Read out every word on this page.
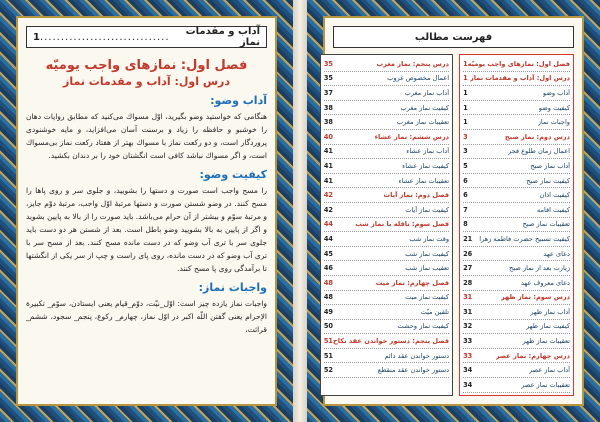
آداب و مقدمات نماز
...............................
1
فصل اول: نمازهای واجب يوميّه
درس اول: آداب و مقدمات نماز
آداب وضو:

هنگامی كه خواستيد وضو بگيريد، اوّل مسواك می‌كنيد كه مطابق روايات دهان را خوشبو و حافظه را زياد و برسنت آسان می‌افزايد، و مايه خوشنودی پروردگار است، و دو ركعت نماز با مسواك بهتر از هفتاد ركعت نماز بی‌مسواك است، و اگر مسواك نباشد كافی است انگشتان خود را بر دندان بكشيد.

كيفيت وضو:

را مسح واجب است صورت و دستها را بشوييد، و جلوی سر و روی پاها را مسح كنند. در وضو شستن صورت و دستها مرتبهٔ اوّل واجب، مرتبهٔ دوّم جايز، و مرتبهٔ سوّم و بيشتر از آن حرام می‌باشد. بايد صورت را از بالا به پايين بشويد و اگر از پايين به بالا بشوييد وضو باطل است. بعد از شستن هر دو دست بايد جلوی سر با تری آب وضو كه در دست مانده مسح كنند. بعد از مسح سر با تری آب وضو كه در دست مانده، روی پای راست و چپ از سر يكی از انگشتها تا برآمدگی روی پا مسح كنند.

واجبات نماز:

واجبات نماز يازده چيز است: اوّل_نيّت، دوّم_قيام يعنی ايستادن، سوّم_ تكبيرة الإحرام يعنی گفتن اللّه اكبر در اوّل نماز، چهارم_ ركوع، پنجم_ سجود، ششم_ قرائت،

فهرست مطالب
فصل اول: نمازهای واجب يوميّه
1
درس اول: آداب و مقدمات نماز
1
آداب وضو
1
كيفيت وضو
1
واجبات نماز
1
درس دوم: نماز صبح
3
اعمال زمان طلوع فجر
3
آداب نماز صبح
5
كيفيت نماز صبح
6
كيفيت اذان
6
كيفيت اقامه
7
تعقيبات نماز صبح
8
كيفيت تسبيح حضرت فاطمه زهرا
21
دعای عهد
26
زيارت بعد از نماز صبح
27
دعای معروف عهد
28
درس سوم: نماز ظهر
31
آداب نماز ظهر
31
كيفيت نماز ظهر
32
تعقيبات نماز ظهر
33
درس چهارم: نماز عصر
33
آداب نماز عصر
34
تعقيبات نماز عصر
34
درس پنجم: نماز مغرب
35
اعمال مخصوص غروب
35
آداب نماز مغرب
37
كيفيت نماز مغرب
38
تعقيبات نماز مغرب
38
درس ششم: نماز عشاء
40
آداب نماز عشاء
41
كيفيت نماز عشاء
41
تعقيبات نماز عشاء
41
فصل دوم: نماز آيات
42
كيفيت نماز آيات
42
فصل سوم: نافله با نماز شب
44
وقت نماز شب
44
كيفيت نماز شب
45
تعقيب نماز شب
46
فصل چهارم: نماز ميت
48
كيفيت نماز ميت
48
تلقين ميّت
49
كيفيت نماز وحشت
50
فصل پنجم: دستور خواندن عقد نكاح
51
دستور خواندن عقد دائم
51
دستور خواندن عقد منقطع
52
